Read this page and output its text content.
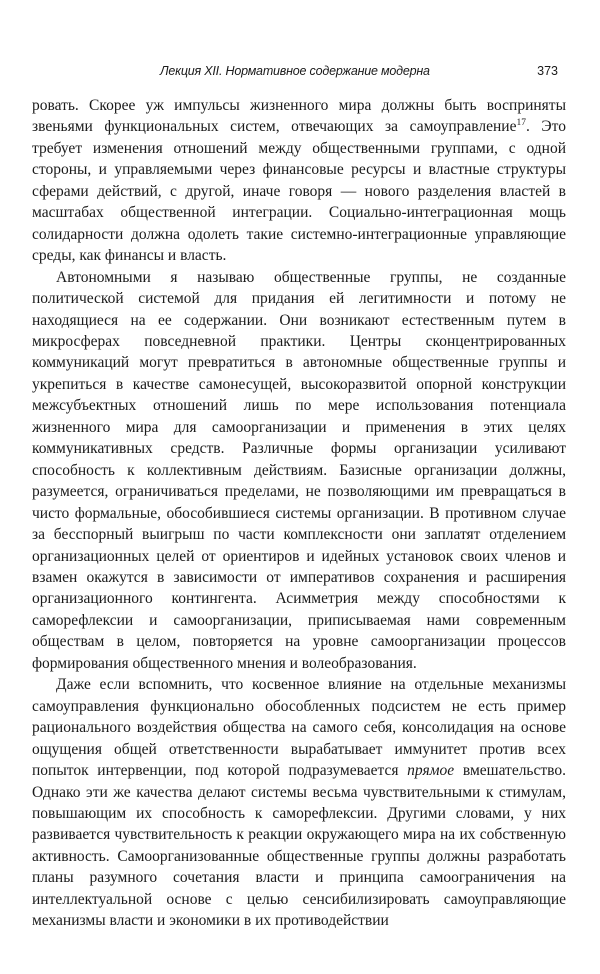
Лекция XII. Нормативное содержание модерна	373

ровать. Скорее уж импульсы жизненного мира должны быть восприняты звеньями функциональных систем, отвечающих за самоуправление$^{17}$. Это требует изменения отношений между общественными группами, с одной стороны, и управляемыми через финансовые ресурсы и властные структуры сферами действий, с другой, иначе говоря — нового разделения властей в масштабах общественной интеграции. Социально-интеграционная мощь солидарности должна одолеть такие системно-интеграционные управляющие среды, как финансы и власть.

Автономными я называю общественные группы, не созданные политической системой для придания ей легитимности и потому не находящиеся на ее содержании. Они возникают естественным путем в микросферах повседневной практики. Центры сконцентрированных коммуникаций могут превратиться в автономные общественные группы и укрепиться в качестве самонесущей, высокоразвитой опорной конструкции межсубъектных отношений лишь по мере использования потенциала жизненного мира для самоорганизации и применения в этих целях коммуникативных средств. Различные формы организации усиливают способность к коллективным действиям. Базисные организации должны, разумеется, ограничиваться пределами, не позволяющими им превращаться в чисто формальные, обособившиеся системы организации. В противном случае за бесспорный выигрыш по части комплексности они заплатят отделением организационных целей от ориентиров и идейных установок своих членов и взамен окажутся в зависимости от императивов сохранения и расширения организационного контингента. Асимметрия между способностями к саморефлексии и самоорганизации, приписываемая нами современным обществам в целом, повторяется на уровне самоорганизации процессов формирования общественного мнения и волеобразования.

Даже если вспомнить, что косвенное влияние на отдельные механизмы самоуправления функционально обособленных подсистем не есть пример рационального воздействия общества на самого себя, консолидация на основе ощущения общей ответственности вырабатывает иммунитет против всех попыток интервенции, под которой подразумевается прямое вмешательство. Однако эти же качества делают системы весьма чувствительными к стимулам, повышающим их способность к саморефлексии. Другими словами, у них развивается чувствительность к реакции окружающего мира на их собственную активность. Самоорганизованные общественные группы должны разработать планы разумного сочетания власти и принципа самоограничения на интеллектуальной основе с целью сенсибилизировать самоуправляющие механизмы власти и экономики в их противодействии
